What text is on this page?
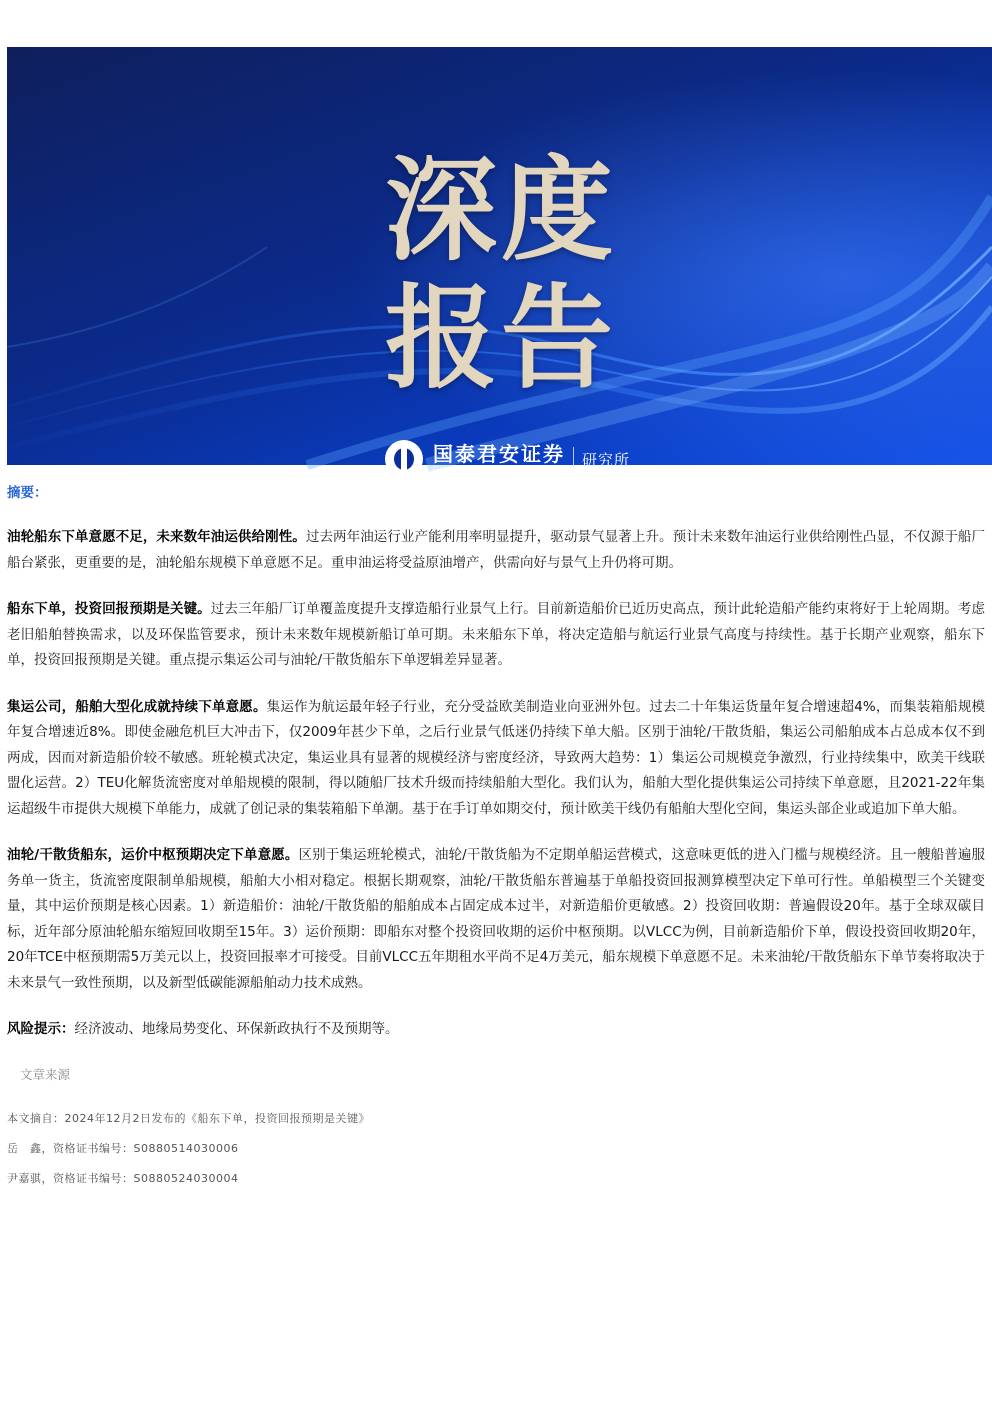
深度
报告
国泰君安证券
GUOTAI JUNAN SECURITIES
研究所
摘要：

油轮船东下单意愿不足，未来数年油运供给刚性。过去两年油运行业产能利用率明显提升，驱动景气显著上升。预计未来数年油运行业供给刚性凸显，不仅源于船厂船台紧张，更重要的是，油轮船东规模下单意愿不足。重申油运将受益原油增产，供需向好与景气上升仍将可期。

船东下单，投资回报预期是关键。过去三年船厂订单覆盖度提升支撑造船行业景气上行。目前新造船价已近历史高点，预计此轮造船产能约束将好于上轮周期。考虑老旧船舶替换需求，以及环保监管要求，预计未来数年规模新船订单可期。未来船东下单，将决定造船与航运行业景气高度与持续性。基于长期产业观察，船东下单，投资回报预期是关键。重点提示集运公司与油轮/干散货船东下单逻辑差异显著。

集运公司，船舶大型化成就持续下单意愿。集运作为航运最年轻子行业，充分受益欧美制造业向亚洲外包。过去二十年集运货量年复合增速超4%，而集装箱船规模年复合增速近8%。即使金融危机巨大冲击下，仅2009年甚少下单，之后行业景气低迷仍持续下单大船。区别于油轮/干散货船，集运公司船舶成本占总成本仅不到两成，因而对新造船价较不敏感。班轮模式决定，集运业具有显著的规模经济与密度经济，导致两大趋势：1）集运公司规模竞争激烈，行业持续集中，欧美干线联盟化运营。2）TEU化解货流密度对单船规模的限制，得以随船厂技术升级而持续船舶大型化。我们认为，船舶大型化提供集运公司持续下单意愿，且2021-22年集运超级牛市提供大规模下单能力，成就了创记录的集装箱船下单潮。基于在手订单如期交付，预计欧美干线仍有船舶大型化空间，集运头部企业或追加下单大船。

油轮/干散货船东，运价中枢预期决定下单意愿。区别于集运班轮模式，油轮/干散货船为不定期单船运营模式，这意味更低的进入门槛与规模经济。且一艘船普遍服务单一货主，货流密度限制单船规模，船舶大小相对稳定。根据长期观察，油轮/干散货船东普遍基于单船投资回报测算模型决定下单可行性。单船模型三个关键变量，其中运价预期是核心因素。1）新造船价：油轮/干散货船的船舶成本占固定成本过半，对新造船价更敏感。2）投资回收期：普遍假设20年。基于全球双碳目标，近年部分原油轮船东缩短回收期至15年。3）运价预期：即船东对整个投资回收期的运价中枢预期。以VLCC为例，目前新造船价下单，假设投资回收期20年，20年TCE中枢预期需5万美元以上，投资回报率才可接受。目前VLCC五年期租水平尚不足4万美元，船东规模下单意愿不足。未来油轮/干散货船东下单节奏将取决于未来景气一致性预期，以及新型低碳能源船舶动力技术成熟。

风险提示：经济波动、地缘局势变化、环保新政执行不及预期等。

文章来源
本文摘自：2024年12月2日发布的《船东下单，投资回报预期是关键》
岳　鑫，资格证书编号：S0880514030006
尹嘉骐，资格证书编号：S0880524030004
